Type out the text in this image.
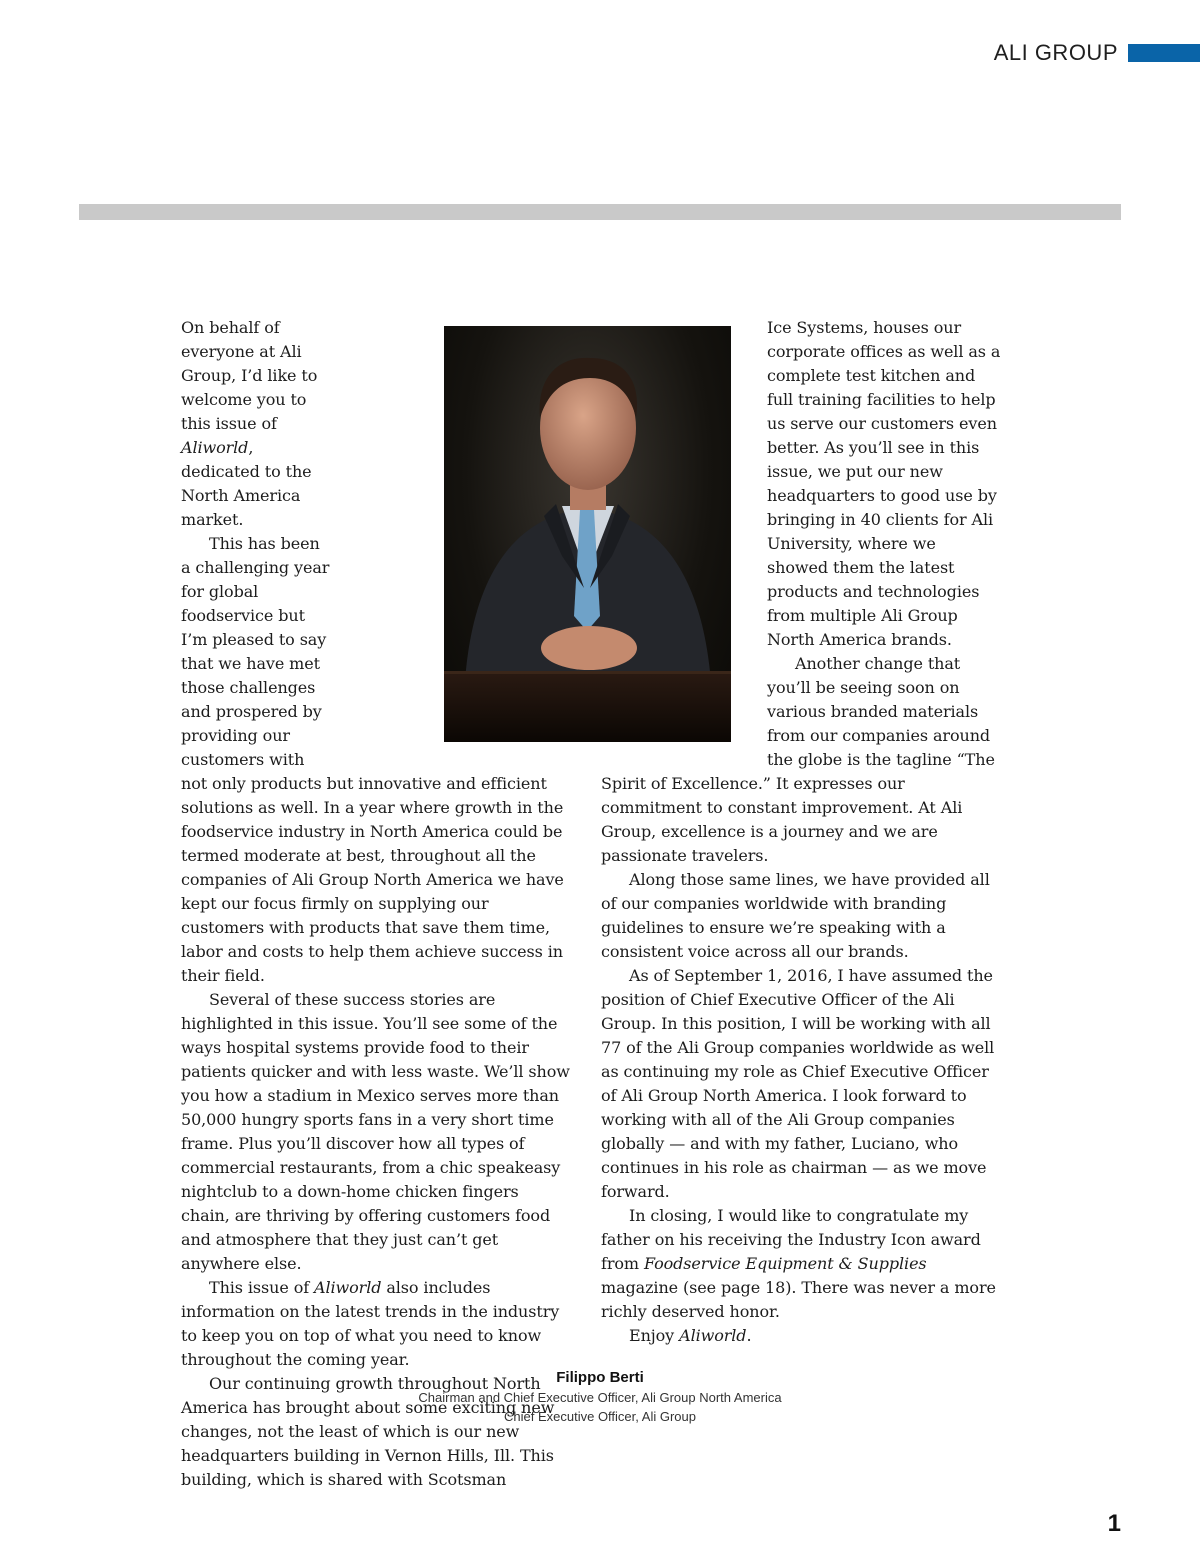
ALI GROUP

On behalf of everyone at Ali Group, I’d like to welcome you to this issue of Aliworld, dedicated to the North America market.

This has been a challenging year for global foodservice but I’m pleased to say that we have met those challenges and prospered by providing our customers with not only products but innovative and efficient solutions as well. In a year where growth in the foodservice industry in North America could be termed moderate at best, throughout all the companies of Ali Group North America we have kept our focus firmly on supplying our customers with products that save them time, labor and costs to help them achieve success in their field.

Several of these success stories are highlighted in this issue. You’ll see some of the ways hospital systems provide food to their patients quicker and with less waste. We’ll show you how a stadium in Mexico serves more than 50,000 hungry sports fans in a very short time frame. Plus you’ll discover how all types of commercial restaurants, from a chic speakeasy nightclub to a down-home chicken fingers chain, are thriving by offering customers food and atmosphere that they just can’t get anywhere else.

This issue of Aliworld also includes information on the latest trends in the industry to keep you on top of what you need to know throughout the coming year.

Our continuing growth throughout North America has brought about some exciting new changes, not the least of which is our new headquarters building in Vernon Hills, Ill. This building, which is shared with Scotsman

Ice Systems, houses our corporate offices as well as a complete test kitchen and full training facilities to help us serve our customers even better. As you’ll see in this issue, we put our new headquarters to good use by bringing in 40 clients for Ali University, where we showed them the latest products and technologies from multiple Ali Group North America brands.

Another change that you’ll be seeing soon on various branded materials from our companies around the globe is the tagline “The Spirit of Excellence.” It expresses our commitment to constant improvement. At Ali Group, excellence is a journey and we are passionate travelers.

Along those same lines, we have provided all of our companies worldwide with branding guidelines to ensure we’re speaking with a consistent voice across all our brands.

As of September 1, 2016, I have assumed the position of Chief Executive Officer of the Ali Group. In this position, I will be working with all 77 of the Ali Group companies worldwide as well as continuing my role as Chief Executive Officer of Ali Group North America. I look forward to working with all of the Ali Group companies globally — and with my father, Luciano, who continues in his role as chairman — as we move forward.

In closing, I would like to congratulate my father on his receiving the Industry Icon award from Foodservice Equipment & Supplies magazine (see page 18). There was never a more richly deserved honor.

Enjoy Aliworld.

Filippo Berti
Chairman and Chief Executive Officer, Ali Group North America
Chief Executive Officer, Ali Group
1
